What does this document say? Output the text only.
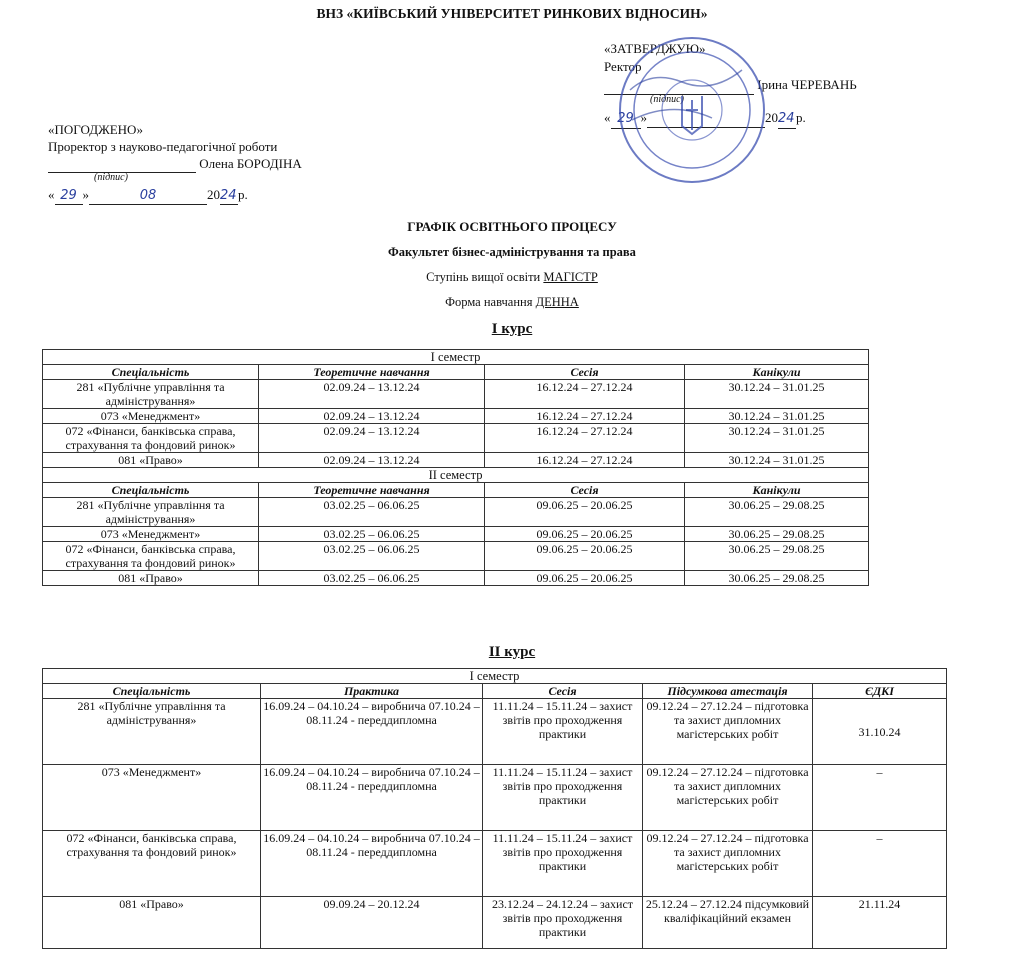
ВНЗ «КИЇВСЬКИЙ УНІВЕРСИТЕТ РИНКОВИХ ВІДНОСИН»
«ЗАТВЕРДЖУЮ»
Ректор
Ірина ЧЕРЕВАНЬ
(підпис)
« 29 »	2024р.
«ПОГОДЖЕНО»
Проректор з науково-педагогічної роботи
Олена БОРОДІНА
(підпис)
« 29 »	08	2024р.
ГРАФІК ОСВІТНЬОГО ПРОЦЕСУ
Факультет бізнес-адміністрування та права
Ступінь вищої освіти МАГІСТР
Форма навчання ДЕННА
І курс
І семестр			
Спеціальність	Теоретичне навчання	Сесія	Канікули
281 «Публічне управління та адміністрування»	02.09.24 – 13.12.24	16.12.24 – 27.12.24	30.12.24 – 31.01.25
073 «Менеджмент»	02.09.24 – 13.12.24	16.12.24 – 27.12.24	30.12.24 – 31.01.25
072 «Фінанси, банківська справа, страхування та фондовий ринок»	02.09.24 – 13.12.24	16.12.24 – 27.12.24	30.12.24 – 31.01.25
081 «Право»	02.09.24 – 13.12.24	16.12.24 – 27.12.24	30.12.24 – 31.01.25
ІІ семестр			
Спеціальність	Теоретичне навчання	Сесія	Канікули
281 «Публічне управління та адміністрування»	03.02.25 – 06.06.25	09.06.25 – 20.06.25	30.06.25 – 29.08.25
073 «Менеджмент»	03.02.25 – 06.06.25	09.06.25 – 20.06.25	30.06.25 – 29.08.25
072 «Фінанси, банківська справа, страхування та фондовий ринок»	03.02.25 – 06.06.25	09.06.25 – 20.06.25	30.06.25 – 29.08.25
081 «Право»	03.02.25 – 06.06.25	09.06.25 – 20.06.25	30.06.25 – 29.08.25
ІІ курс
І семестр				
Спеціальність	Практика	Сесія	Підсумкова атестація	ЄДКІ
281 «Публічне управління та адміністрування»	16.09.24 – 04.10.24 – виробнича 07.10.24 – 08.11.24 - переддипломна	11.11.24 – 15.11.24 – захист звітів про проходження практики	09.12.24 – 27.12.24 – підготовка та захист дипломних магістерських робіт	31.10.24
073 «Менеджмент»	16.09.24 – 04.10.24 – виробнича 07.10.24 – 08.11.24 - переддипломна	11.11.24 – 15.11.24 – захист звітів про проходження практики	09.12.24 – 27.12.24 – підготовка та захист дипломних магістерських робіт	–
072 «Фінанси, банківська справа, страхування та фондовий ринок»	16.09.24 – 04.10.24 – виробнича 07.10.24 – 08.11.24 - переддипломна	11.11.24 – 15.11.24 – захист звітів про проходження практики	09.12.24 – 27.12.24 – підготовка та захист дипломних магістерських робіт	–
081 «Право»	09.09.24 – 20.12.24	23.12.24 – 24.12.24 – захист звітів про проходження практики	25.12.24 – 27.12.24 підсумковий кваліфікаційний екзамен	21.11.24
